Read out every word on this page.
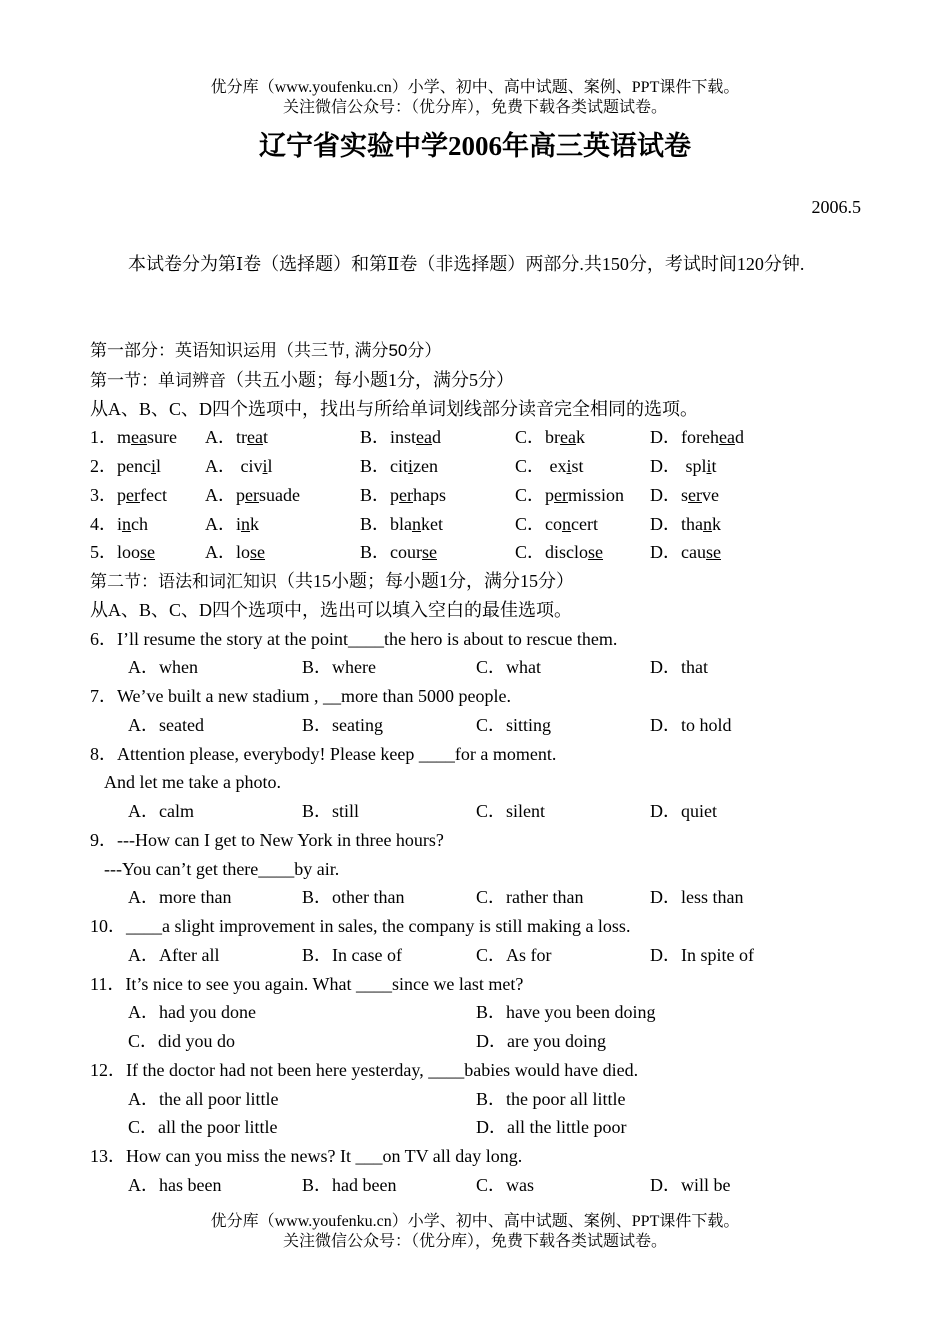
优分库（www.youfenku.cn）小学、初中、高中试题、案例、PPT课件下载。
关注微信公众号：（优分库），免费下载各类试题试卷。
辽宁省实验中学2006年高三英语试卷
2006.5
本试卷分为第Ⅰ卷（选择题）和第Ⅱ卷（非选择题）两部分.共150分，考试时间120分钟.
第一部分：英语知识运用（共三节, 满分50分）
第一节：单词辨音（共五小题；每小题1分，满分5分）
从A、B、C、D四个选项中，找出与所给单词划线部分读音完全相同的选项。
1．measure A．treat	B．instead	C．break	D．forehead
2．pencil A． civil	B．citizen	C． exist	D． split
3．perfect A．persuade	B．perhaps	C．permission D．serve
4．inch	A．ink	B．blanket	C．concert	D．thank
5．loose	A．lose	B．course	C．disclose	D．cause
第二节：语法和词汇知识（共15小题；每小题1分，满分15分）
从A、B、C、D四个选项中，选出可以填入空白的最佳选项。
6．I’ll resume the story at the point____the hero is about to rescue them.
A．when	B．where	C．what	D．that
7．We’ve built a new stadium , __more than 5000 people.
A．seated	B．seating	C．sitting	D．to hold
8．Attention please, everybody! Please keep ____for a moment.
And let me take a photo.
A．calm	B．still	C．silent	D．quiet
9．---How can I get to New York in three hours?
---You can’t get there____by air.
A．more than	B．other than	C．rather than	D．less than
10．____a slight improvement in sales, the company is still making a loss.
A．After all	B．In case of	C．As for	D．In spite of
11．It’s nice to see you again. What ____since we last met?
A．had you done	B．have you been doing
C．did you do	D．are you doing
12．If the doctor had not been here yesterday, ____babies would have died.
A．the all poor little	B．the poor all little
C．all the poor little	D．all the little poor
13．How can you miss the news? It ___on TV all day long.
A．has been	B．had been	C．was	D．will be
优分库（www.youfenku.cn）小学、初中、高中试题、案例、PPT课件下载。
关注微信公众号：（优分库），免费下载各类试题试卷。
